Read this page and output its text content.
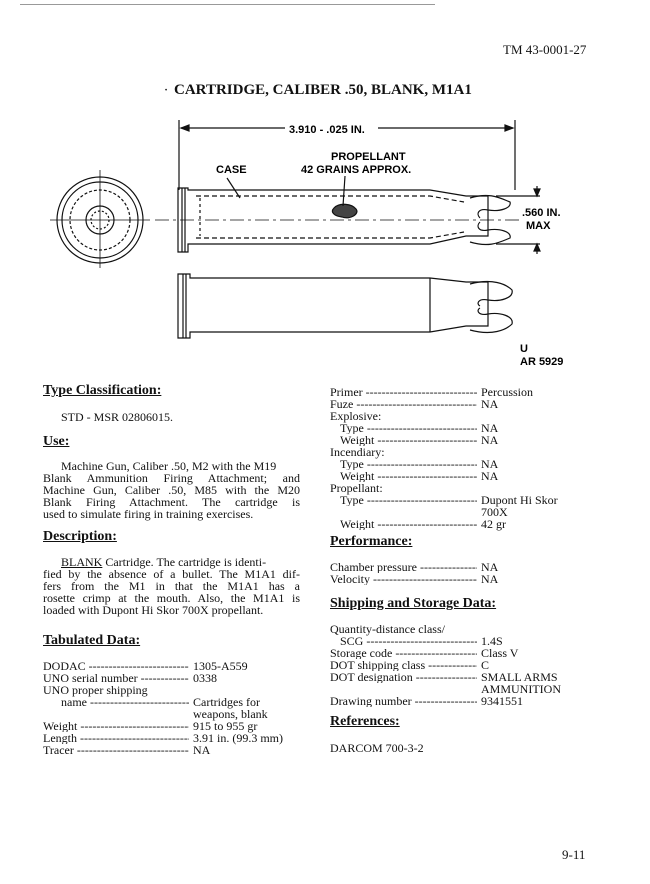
TM 43-0001-27
· CARTRIDGE, CALIBER .50, BLANK, M1A1
3.910 - .025 IN.
PROPELLANT
42 GRAINS APPROX.
CASE
.560 IN.
MAX
U
AR 5929
Type Classification:
STD - MSR 02806015.
Use:
Machine Gun, Caliber .50, M2 with the M19
Blank Ammunition Firing Attachment; and
Machine Gun, Caliber .50, M85 with the M20
Blank Firing Attachment. The cartridge is
used to simulate firing in training exercises.
Description:
BLANK Cartridge. The cartridge is identi-
fied by the absence of a bullet. The M1A1 dif-
fers from the M1 in that the M1A1 has a
rosette crimp at the mouth. Also, the M1A1 is
loaded with Dupont Hi Skor 700X propellant.
Tabulated Data:
DODAC -----	1305-A559
UNO serial number -----	0338
UNO proper shipping
name -----	Cartridges for
weapons, blank
Weight -----	915 to 955 gr
Length -----	3.91 in. (99.3 mm)
Tracer -----	NA
Primer -----	Percussion
Fuze -----	NA
Explosive:
Type -----	NA
Weight -----	NA
Incendiary:
Type -----	NA
Weight -----	NA
Propellant:
Type -----	Dupont Hi Skor
700X
Weight -----	42 gr
Performance:
Chamber pressure -----	NA
Velocity -----	NA
Shipping and Storage Data:
Quantity-distance class/
SCG -----	1.4S
Storage code -----	Class V
DOT shipping class -----	C
DOT designation -----	SMALL ARMS
AMMUNITION
Drawing number -----	9341551
References:
DARCOM 700-3-2
9-11
